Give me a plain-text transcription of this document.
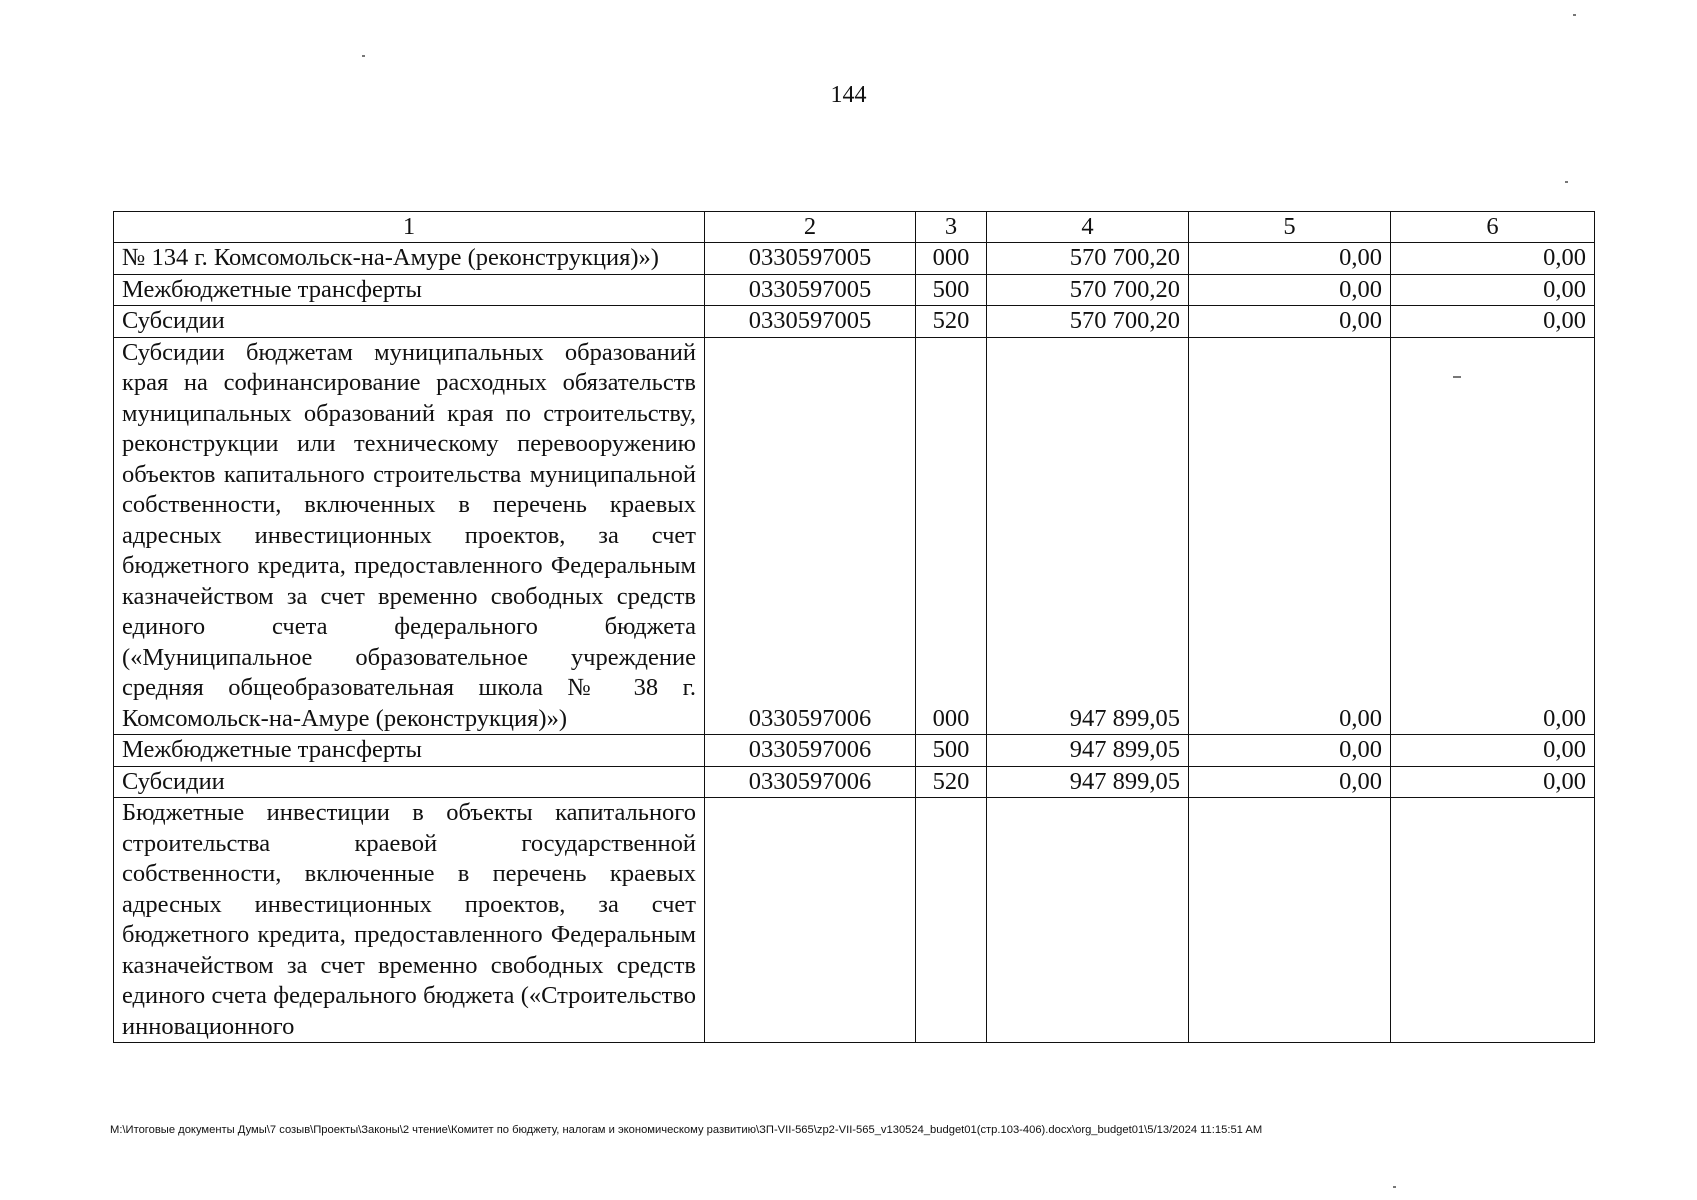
144
1	2	3	4	5	6
№ 134 г. Комсомольск-на-Амуре (реконструкция)»)	0330597005	000	570 700,20	0,00	0,00
Межбюджетные трансферты	0330597005	500	570 700,20	0,00	0,00
Субсидии	0330597005	520	570 700,20	0,00	0,00
Субсидии бюджетам муниципальных образований края на софинансирование расходных обязательств муниципальных образований края по строительству, реконструкции или техническому перевооружению объектов капитального строительства муниципальной собственности, включенных в перечень краевых адресных инвестиционных проектов, за счет бюджетного кредита, предоставленного Федеральным казначейством за счет временно свободных средств единого счета федерального бюджета («Муниципальное образовательное учреждение средняя общеобразовательная школа № 38 г. Комсомольск-на-Амуре (реконструкция)»)	0330597006	000	947 899,05	0,00	0,00
Межбюджетные трансферты	0330597006	500	947 899,05	0,00	0,00
Субсидии	0330597006	520	947 899,05	0,00	0,00
Бюджетные инвестиции в объекты капитального строительства краевой государственной собственности, включенные в перечень краевых адресных инвестиционных проектов, за счет бюджетного кредита, предоставленного Федеральным казначейством за счет временно свободных средств единого счета федерального бюджета («Строительство инновационного					
M:\Итоговые документы Думы\7 созыв\Проекты\Законы\2 чтение\Комитет по бюджету, налогам и экономическому развитию\ЗП-VII-565\zp2-VII-565_v130524_budget01(стр.103-406).docx\org_budget01\5/13/2024 11:15:51 AM
